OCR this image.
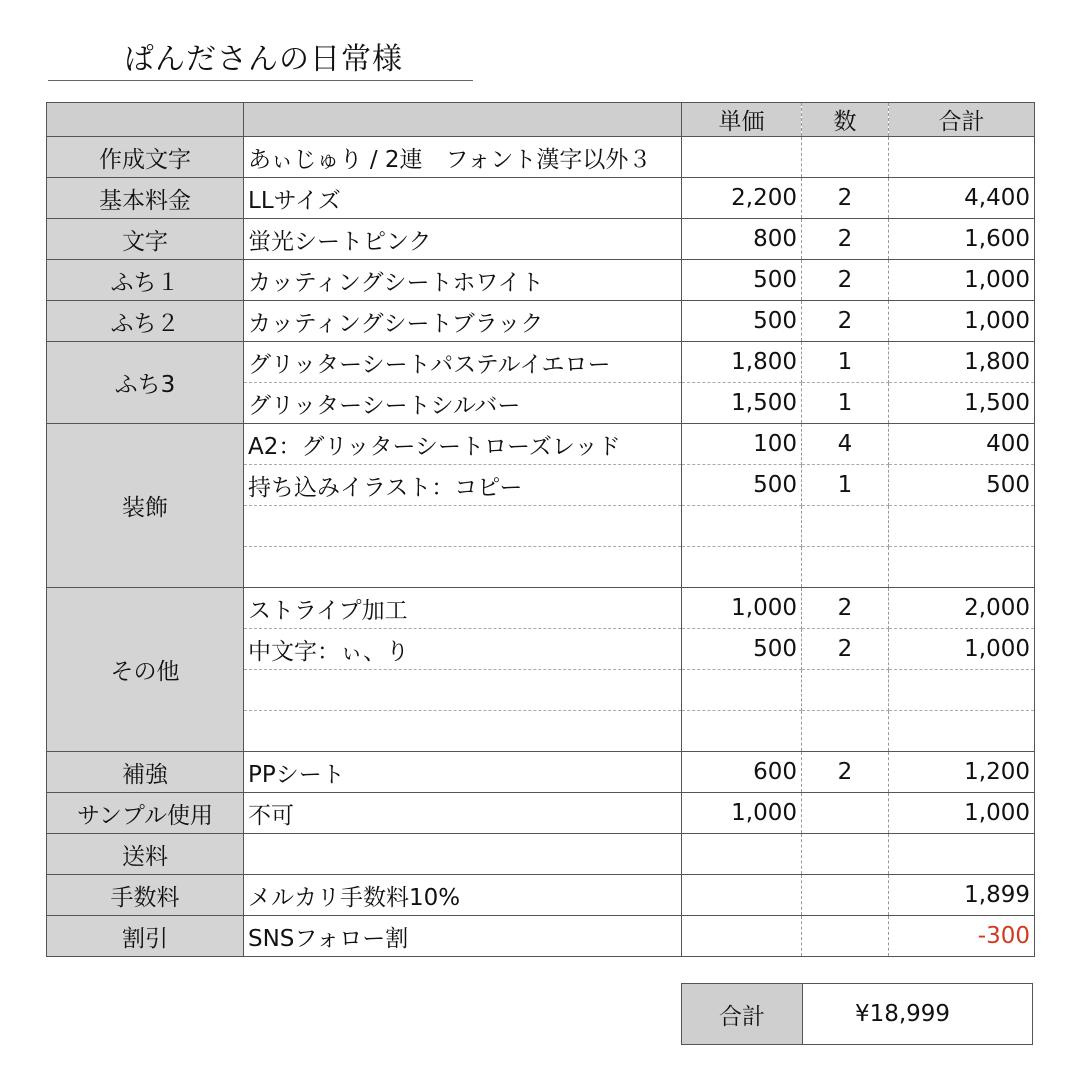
ぱんださんの日常様
		単価	数	合計
作成文字	あぃじゅり / 2連　フォント漢字以外３			
基本料金	LLサイズ	2,200	2	4,400
文字	蛍光シートピンク	800	2	1,600
ふち１	カッティングシートホワイト	500	2	1,000
ふち２	カッティングシートブラック	500	2	1,000
ふち3	グリッターシートパステルイエロー	1,800	1	1,800
	グリッターシートシルバー	1,500	1	1,500
装飾	A2：グリッターシートローズレッド	100	4	400
	持ち込みイラスト：コピー	500	1	500

その他	ストライプ加工	1,000	2	2,000
	中文字：ぃ、り	500	2	1,000

補強	PPシート	600	2	1,200
サンプル使用	不可	1,000		1,000
送料				
手数料	メルカリ手数料10%			1,899
割引	SNSフォロー割			-300
合計	¥18,999
